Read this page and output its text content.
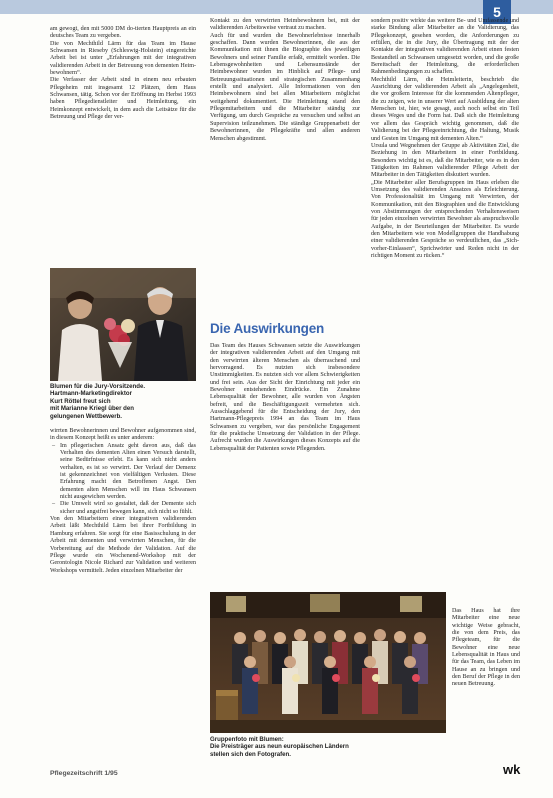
5

am gewogt, den mit 5000 DM do-tierten Hauptpreis an ein deutsches Team zu vergeben.

Die von Mechthild Lärm für das Team im Hause Schwansen in Rieseby (Schleswig-Holstein) eingereichte Arbeit bei ist unter „Erfahrungen mit der integrativen validierenden Arbeit in der Betreuung von dementen Heim-bewohnern“.

Die Verfasser der Arbeit sind in einem neu erbauten Pflegeheim mit insgesamt 12 Plätzen, dem Haus Schwansen, tätig. Schon vor der Eröffnung im Herbst 1993 haben Pflegedienstleiter und Heimleitung, ein Heimkonzept entwickelt, in dem auch die Leitsätze für die Betreuung und Pflege der ver-

Blumen für die Jury-Vorsitzende.
Hartmann-Marketingdirektor
Kurt Röttel freut sich
mit Marianne Kriegl über den
gelungenen Wettbewerb.

wirrten Bewohnerinnen und Bewohner aufgenommen sind, in diesem Konzept heißt es unter anderem:

– Im pflegerischen Ansatz geht davon aus, daß das Verhalten des dementen Alten einen Versuch darstellt, seine Bedürfnisse erlebt. Es kann sich nicht anders verhalten, es ist so verwirrt. Der Verlauf der Demenz ist gekennzeichnet von vielfältigen Verlusten. Diese Erfahrung macht den Betroffenen Angst. Den dementen alten Menschen will im Haus Schwansen nicht ausgewichen werden.
– Die Umwelt wird so gestaltet, daß der Demente sich sicher und angstfrei bewegen kann, sich nicht so fühlt.

Von den Mitarbeitern einer integrativen validierenden Arbeit läßt Mechthild Lärm bei ihrer Fortbildung in Hamburg erfahren. Sie sorgt für eine Basisschulung in der Arbeit mit dementen und verwirrten Menschen, für die Vorbereitung auf die Methode der Validation. Auf die Pflege wurde ein Wochenend-Workshop mit der Gerontologin Nicole Richard zur Validation und weiteren Workshops vermittelt. Jeden einzelnen Mitarbeiter der

Kontakt zu den verwirrten Heimbewohnern bei, mit der validierenden Arbeitsweise vertraut zu machen.

Auch für und wurden die Bewohnerlebnisse innerhalb geschaffen. Dann wurden Bewohnerinnen, die aus der Kommunikation mit ihnen die Biographie des jeweiligen Bewohners und seiner Familie erfaßt, ermittelt worden. Die Lebensgewohnheiten und Lebensumstände der Heimbewohner wurden im Hinblick auf Pflege- und Betreuungssituationen und strategischen Zusammenhang erstellt und analysiert. Alle Informationen von den Heimbewohnern sind bei allen Mitarbeitern möglichst weitgehend dokumentiert. Die Heimleitung stand den Pflegemitarbeitern und die Mitarbeiter ständig zur Verfügung, um durch Gespräche zu versuchen und selbst an Supervision teilzunehmen. Die ständige Gruppenarbeit der Bewohnerinnen, die Pflegekräfte und allen anderen Menschen abgestimmt.

Die Auswirkungen

Das Team des Hauses Schwansen setzte die Auswirkungen der integrativen validierenden Arbeit auf den Umgang mit den verwirrten älteren Menschen als überraschend und hervorragend. Es nutzten sich insbesondere Unstimmigkeiten. Es nutzten sich vor allem Schwierigkeiten und frei sein. Aus der Sicht der Einrichtung mit jeder ein Bewohner entstehenden Eindrücke. Ein Zunahme Lebensqualität der Bewohner, alle wurden von Ängsten befreit, und die Beschäftigungszeit vermehrten sich. Ausschlaggebend für die Entscheidung der Jury, den Hartmann-Pflegepreis 1994 an das Team im Haus Schwansen zu vergeben, war das persönliche Engagement für die praktische Umsetzung der Validation in der Pflege. Aufrecht wurden die Auswirkungen dieses Konzepts auf die Lebensqualität der Patienten sowie Pflegenden.

sondern positiv wirkte das weitere Be- und Umfassende und starke Bindung aller Mitarbeiter an die Validierung, das Pflegekonzept, gesehen worden, die Anforderungen zu erfüllen, die in die Jury, die Übertragung mit der der Kontakte der integrativen validierenden Arbeit einen festen Bestandteil an Schwansen umgesetzt worden, und die große Bereitschaft der Heimleitung, die erforderlichen Rahmenbedingungen zu schaffen.

Mechthild Lärm, die Heimleiterin, beschrieb die Ausrichtung der validierenden Arbeit als „Angelegenheit, die vor großem Interesse für die kommenden Altenpfleger, die zu zeigen, wie in unserer Wert auf Ausbildung der alten Menschen ist, hier, wie gesagt, auch noch selbst ein Teil dieses Weges und die Form hat. Daß sich die Heimleitung vor allem das Gespräch wichtig genommen, daß die Validierung bei der Pflegeeinrichtung, die Haltung, Musik und Gesten im Umgang mit dementen Alten.“

Ursula und Wegnehmen der Gruppe ab Aktivitäten Ziel, die Beziehung in den Mitarbeitern in einer Fortbildung. Besonders wichtig ist es, daß die Mitarbeiter, wie es in den Tätigkeiten im Rahmen validierender Pflege Arbeit der Mitarbeiter in den Tätigkeiten diskutiert wurden.

„Die Mitarbeiter aller Berufsgruppen im Haus erleben die Umsetzung des validierenden Ansatzes als Erleichterung. Von Professionalität im Umgang mit Verwirrten, der Kommunikation, mit den Biographien und die Entwicklung von Abstimmungen der entsprechenden Verhaltensweisen für jeden einzelnen verwirrten Bewohner als anspruchsvolle Aufgabe, in der Beurteilungen der Mitarbeiter. Es wurde den Mitarbeitern wie von Modellgruppen die Handhabung einer validierenden Gespräche so verdeutlichen, das „Sich-vorher-Einlassen“, Sprichwörter und Reden nicht in der richtigen Moment zu rücken.“

Das Haus hat ihre Mitarbeiter eine neue wichtige Weise gebracht, die von dem Preis, das Pflegeteam, für die Bewohner eine neue Lebensqualität in Haus und für das Team, das Leben im Hause an zu bringen und den Beruf der Pflege in den neuen Betreuung.

Gruppenfoto mit Blumen:
Die Preisträger aus neun europäischen Ländern
stellen sich den Fotografen.
Pflegezeitschrift 1/95	wk
